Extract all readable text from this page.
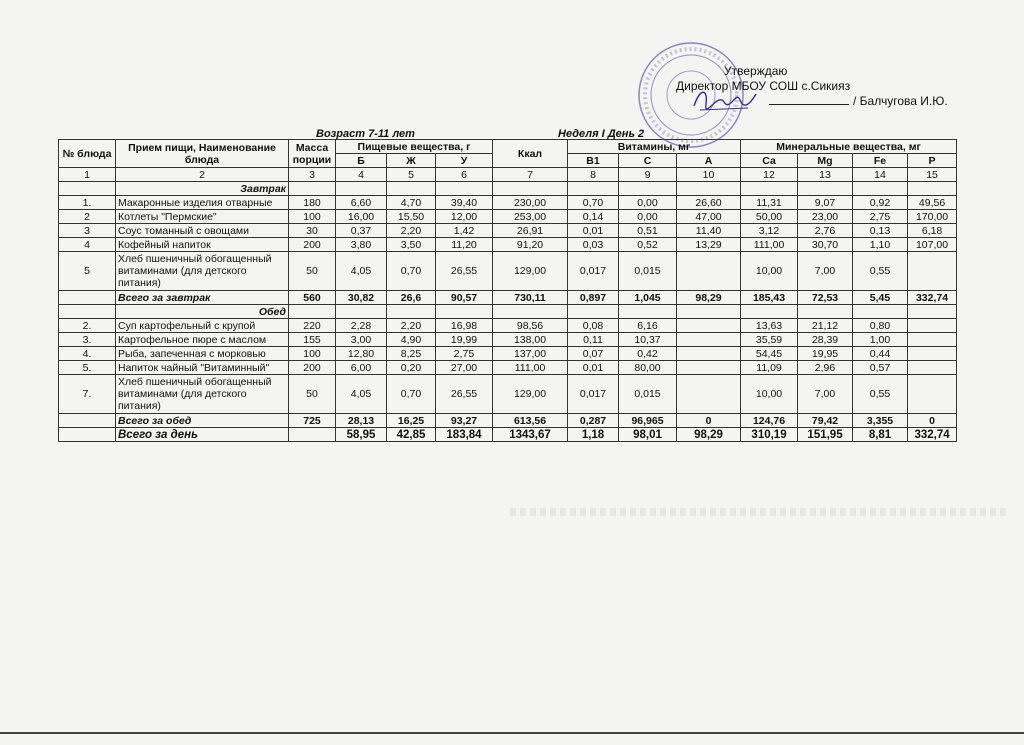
Утверждаю
Директор МБОУ СОШ с.Сикияз
/ Балчугова И.Ю.
Возраст 7-11 лет	Неделя I День 2
№ блюда	Прием пищи, Наименование блюда	Масса порции	Пищевые вещества, г			Ккал	Витамины, мг			Минеральные вещества, мг			
			Б	Ж	У		В1	С	А	Са	Mg	Fe	Р
1	2	3	4	5	6	7	8	9	10	12	13	14	15
	Завтрак												
1.	Макаронные изделия отварные	180	6,60	4,70	39,40	230,00	0,70	0,00	26,60	11,31	9,07	0,92	49,56
2	Котлеты "Пермские"	100	16,00	15,50	12,00	253,00	0,14	0,00	47,00	50,00	23,00	2,75	170,00
3	Соус томанный с овощами	30	0,37	2,20	1,42	26,91	0,01	0,51	11,40	3,12	2,76	0,13	6,18
4	Кофейный напиток	200	3,80	3,50	11,20	91,20	0,03	0,52	13,29	111,00	30,70	1,10	107,00
5	Хлеб пшеничный обогащенный витаминами (для детского питания)	50	4,05	0,70	26,55	129,00	0,017	0,015		10,00	7,00	0,55	
	Всего за завтрак	560	30,82	26,6	90,57	730,11	0,897	1,045	98,29	185,43	72,53	5,45	332,74
	Обед												
2.	Суп картофельный с крупой	220	2,28	2,20	16,98	98,56	0,08	6,16		13,63	21,12	0,80	
3.	Картофельное пюре с маслом	155	3,00	4,90	19,99	138,00	0,11	10,37		35,59	28,39	1,00	
4.	Рыба, запеченная с морковью	100	12,80	8,25	2,75	137,00	0,07	0,42		54,45	19,95	0,44	
5.	Напиток чайный "Витаминный"	200	6,00	0,20	27,00	111,00	0,01	80,00		11,09	2,96	0,57	
7.	Хлеб пшеничный обогащенный витаминами (для детского питания)	50	4,05	0,70	26,55	129,00	0,017	0,015		10,00	7,00	0,55	
	Всего за обед	725	28,13	16,25	93,27	613,56	0,287	96,965	0	124,76	79,42	3,355	0
	Всего за день		58,95	42,85	183,84	1343,67	1,18	98,01	98,29	310,19	151,95	8,81	332,74
